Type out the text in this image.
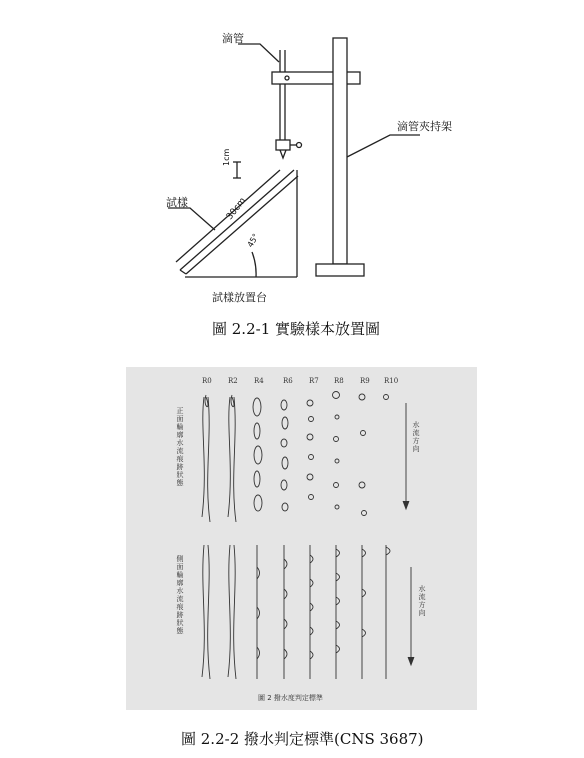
滴管
滴管夾持架
試樣
試樣放置台
1cm
30cm
45°
圖 2.2-1 實驗樣本放置圖
R0 R2 R4	R6 R7 R8 R9 R10
正面輪廓水流痕跡狀態
側面輪廓水流痕跡狀態
水流方向
水流方向
圖 2 撥水度判定標準
圖 2.2-2 撥水判定標準(CNS 3687)
